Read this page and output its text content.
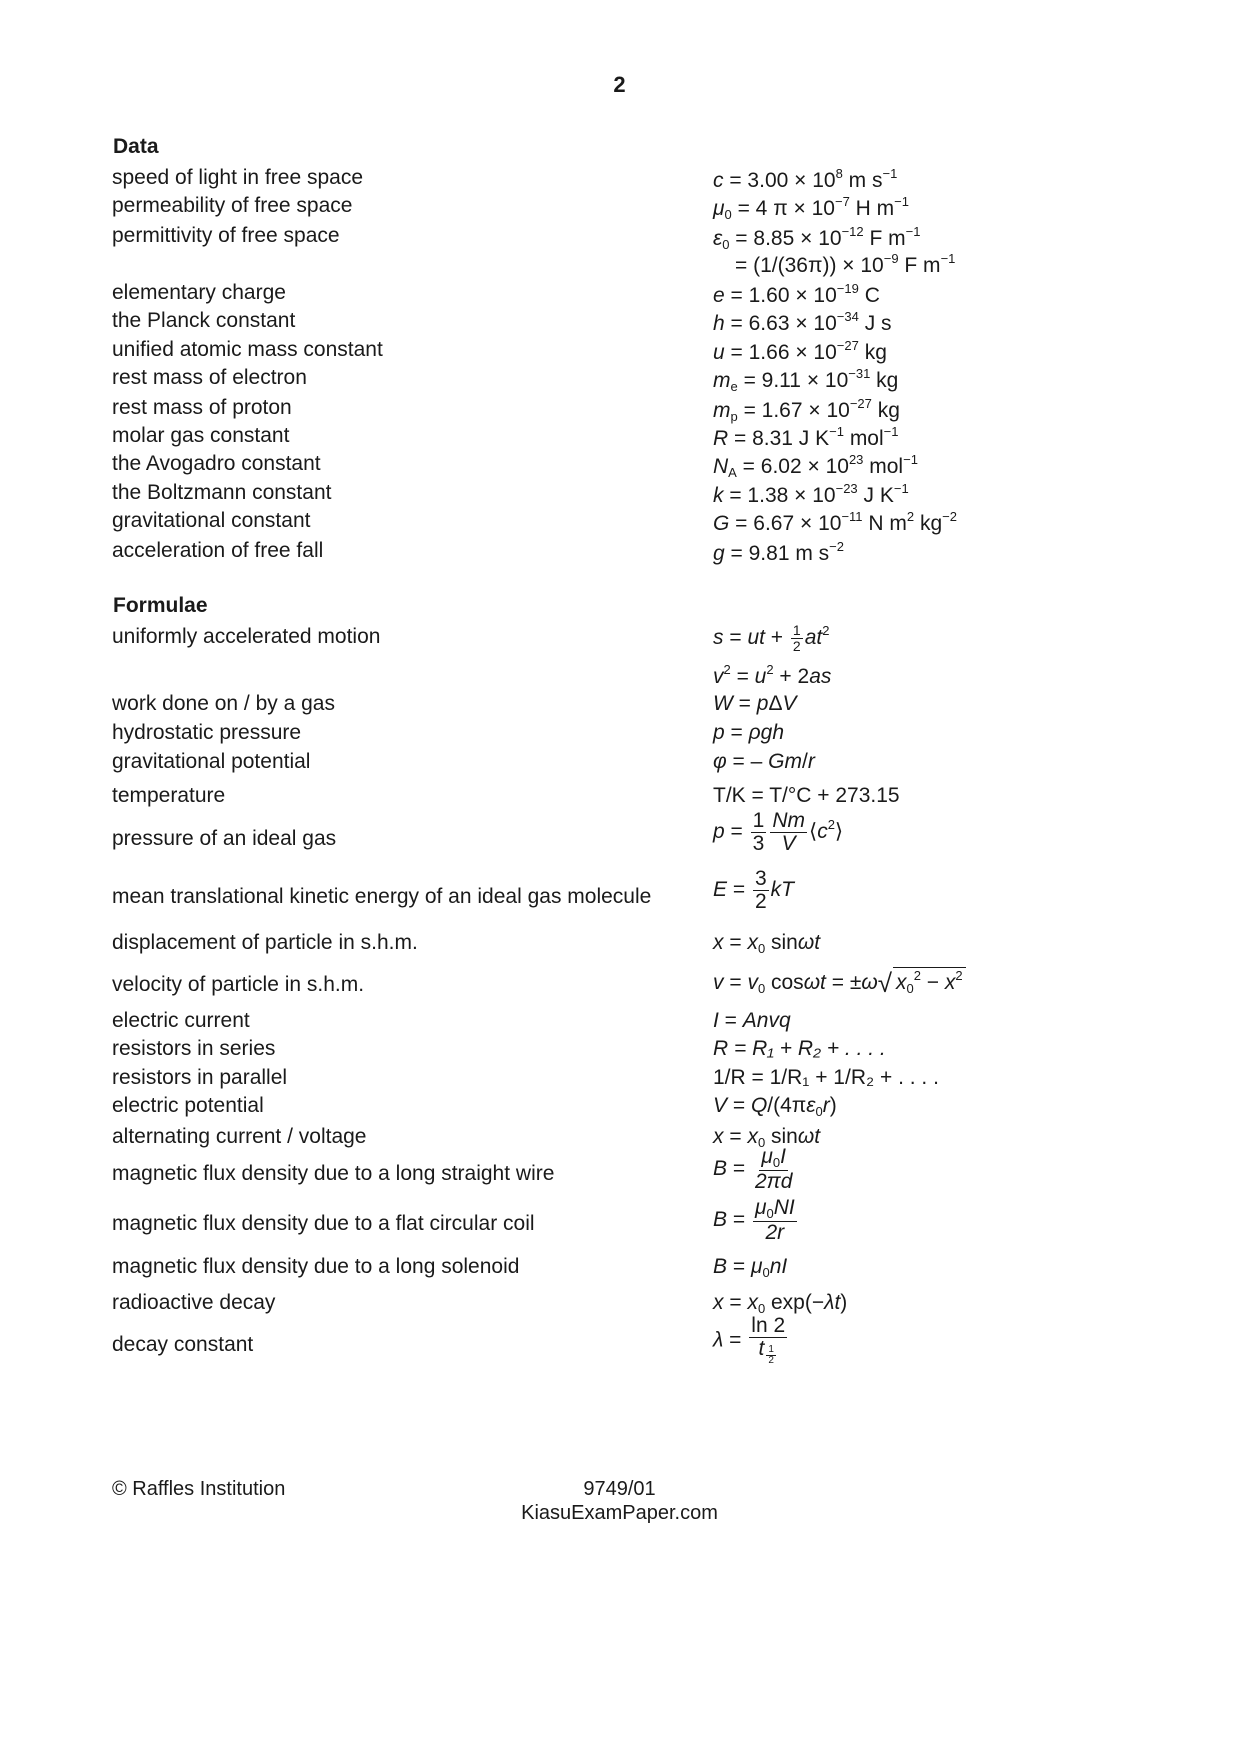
2
Data
speed of light in free space	$c = 3.00 \times 10^8$ m $s^{-1}$
permeability of free space	$\mu_0 = 4$ $\pi \times 10^{-7}$ H $m^{-1}$
permittivity of free space	$\varepsilon_0 = 8.85 \times 10^{-12}$ F $m^{-1}$
= $(1/(36\pi)) \times 10^{-9}$ F $m^{-1}$
elementary charge	$e = 1.60 \times 10^{-19}$ C
the Planck constant	$h = 6.63 \times 10^{-34}$ J s
unified atomic mass constant	$u = 1.66 \times 10^{-27}$ kg
rest mass of electron	$m_e = 9.11 \times 10^{-31}$ kg
rest mass of proton	$m_p = 1.67 \times 10^{-27}$ kg
molar gas constant	R = 8.31 J $K^{-1}$ mol$^{-1}$
the Avogadro constant	$N_A = 6.02 \times 10^{23}$ mol$^{-1}$
the Boltzmann constant	$k = 1.38 \times 10^{-23}$ J $K^{-1}$
gravitational constant	$G = 6.67 \times 10^{-11}$ N $m^2$ $kg^{-2}$
acceleration of free fall	g = 9.81 m $s^{-2}$
Formulae
uniformly accelerated motion	s = ut + $\frac{1}{2} at^2$
$v^2 = u^2 + 2as$
work done on / by a gas	W = pΔV
hydrostatic pressure	p = ρgh
gravitational potential	φ = – Gm/r
temperature	T/K = T/°C + 273.15
pressure of an ideal gas	$p = \frac{1}{3} \frac{Nm}{V}$ $⟨c^2⟩$
mean translational kinetic energy of an ideal gas molecule	$E = \frac{3}{2}$ kT
displacement of particle in s.h.m.	$x = x_0$ sinωt
velocity of particle in s.h.m.	$v = v_0$ cosωt = ±ω√ $x_0^2 - x^2$
electric current	I = Anvq
resistors in series	R = R₁ + R₂ + . . . .
resistors in parallel	1/R = 1/R₁ + 1/R₂ + . . . .
electric potential	$V = Q/(4\pi\varepsilon_0r)$
alternating current / voltage	$x = x_0$ sinωt
magnetic flux density due to a long straight wire	$B = \frac{\mu_0I}{2\pi d}$
magnetic flux density due to a flat circular coil	$B = \frac{\mu_0NI}{2r}$
magnetic flux density due to a long solenoid	$B = \mu_0nI$
radioactive decay	$x = x_0$ exp(−λt)
decay constant	λ = ln 2
t $_{\frac{1}{2}}$
© Raffles Institution	9749/01
KiasuExamPaper.com
